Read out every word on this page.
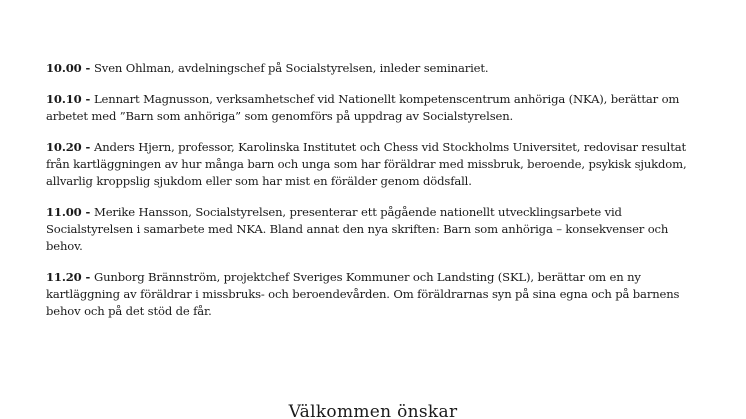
10.00 - Sven Ohlman, avdelningschef på Socialstyrelsen, inleder seminariet.

10.10 - Lennart Magnusson, verksamhetschef vid Nationellt kompetenscentrum anhöriga (NKA), berättar om arbetet med ”Barn som anhöriga” som genomförs på uppdrag av Socialstyrelsen.

10.20 - Anders Hjern, professor, Karolinska Institutet och Chess vid Stockholms Universitet, redovisar resultat från kartläggningen av hur många barn och unga som har föräldrar med missbruk, beroende, psykisk sjukdom, allvarlig kroppslig sjukdom eller som har mist en förälder genom dödsfall.

11.00 - Merike Hansson, Socialstyrelsen, presenterar ett pågående nationellt utvecklingsarbete vid Socialstyrelsen i samarbete med NKA. Bland annat den nya skriften: Barn som anhöriga – konsekvenser och behov.

11.20 - Gunborg Brännström, projektchef Sveriges Kommuner och Landsting (SKL), berättar om en ny kartläggning av föräldrar i missbruks- och beroendevården. Om föräldrarnas syn på sina egna och på barnens behov och på det stöd de får.

Välkommen önskar
